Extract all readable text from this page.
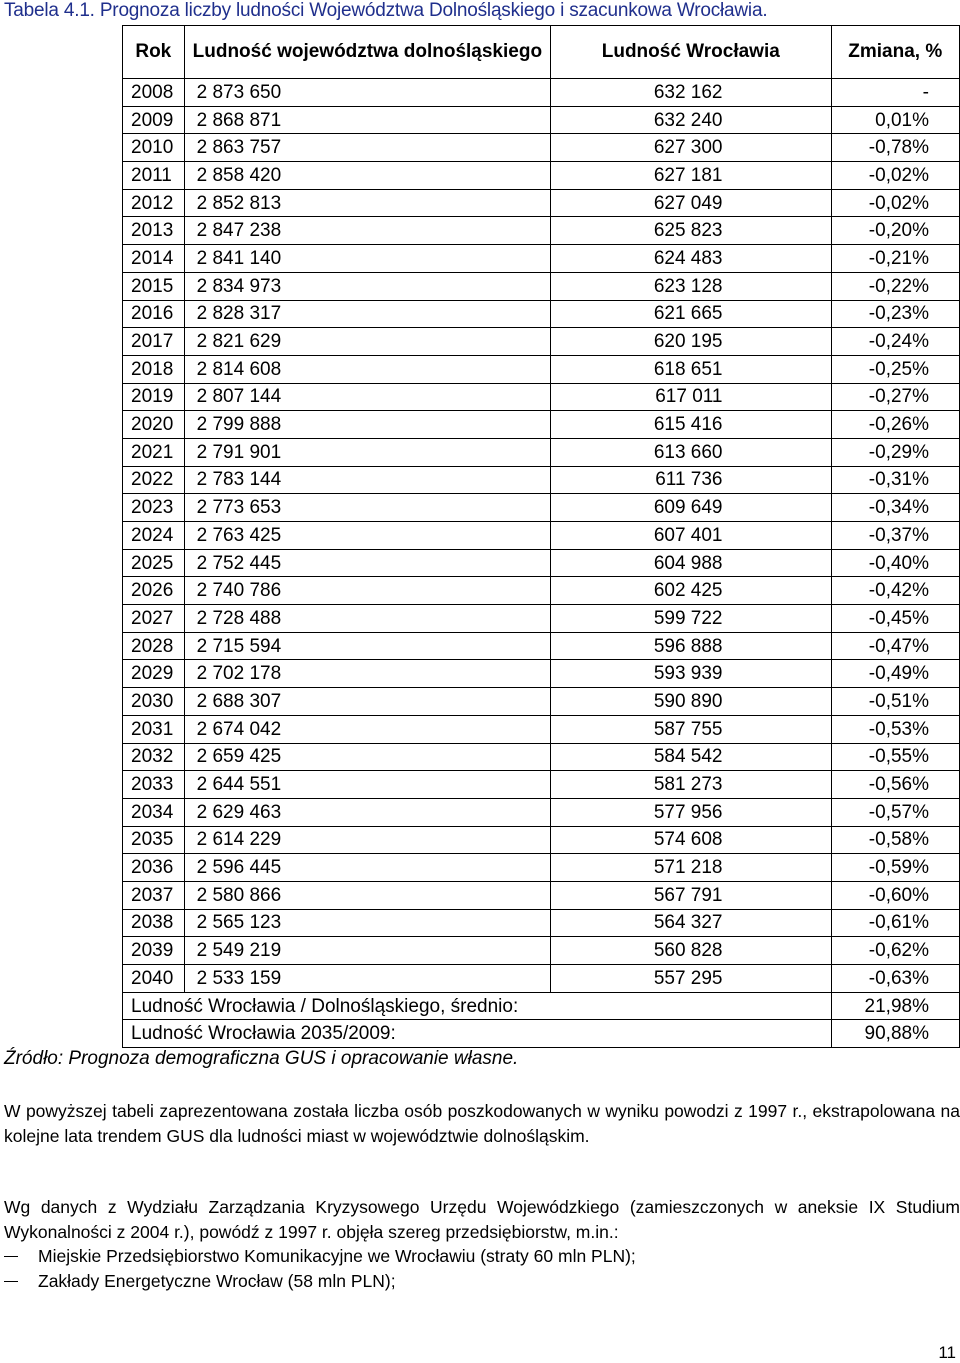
Tabela 4.1. Prognoza liczby ludności Województwa Dolnośląskiego i szacunkowa Wrocławia.
Rok	Ludność województwa dolnośląskiego	Ludność Wrocławia	Zmiana, %
2008	2 873 650	632 162	-
2009	2 868 871	632 240	0,01%
2010	2 863 757	627 300	-0,78%
2011	2 858 420	627 181	-0,02%
2012	2 852 813	627 049	-0,02%
2013	2 847 238	625 823	-0,20%
2014	2 841 140	624 483	-0,21%
2015	2 834 973	623 128	-0,22%
2016	2 828 317	621 665	-0,23%
2017	2 821 629	620 195	-0,24%
2018	2 814 608	618 651	-0,25%
2019	2 807 144	617 011	-0,27%
2020	2 799 888	615 416	-0,26%
2021	2 791 901	613 660	-0,29%
2022	2 783 144	611 736	-0,31%
2023	2 773 653	609 649	-0,34%
2024	2 763 425	607 401	-0,37%
2025	2 752 445	604 988	-0,40%
2026	2 740 786	602 425	-0,42%
2027	2 728 488	599 722	-0,45%
2028	2 715 594	596 888	-0,47%
2029	2 702 178	593 939	-0,49%
2030	2 688 307	590 890	-0,51%
2031	2 674 042	587 755	-0,53%
2032	2 659 425	584 542	-0,55%
2033	2 644 551	581 273	-0,56%
2034	2 629 463	577 956	-0,57%
2035	2 614 229	574 608	-0,58%
2036	2 596 445	571 218	-0,59%
2037	2 580 866	567 791	-0,60%
2038	2 565 123	564 327	-0,61%
2039	2 549 219	560 828	-0,62%
2040	2 533 159	557 295	-0,63%
Ludność Wrocławia / Dolnośląskiego, średnio:			21,98%
Ludność Wrocławia 2035/2009:			90,88%
Źródło: Prognoza demograficzna GUS i opracowanie własne.
W powyższej tabeli zaprezentowana została liczba osób poszkodowanych w wyniku powodzi z 1997 r., ekstrapolowana na kolejne lata trendem GUS dla ludności miast w województwie dolnośląskim.
Wg danych z Wydziału Zarządzania Kryzysowego Urzędu Wojewódzkiego (zamieszczonych w aneksie IX Studium Wykonalności z 2004 r.), powódź z 1997 r. objęła szereg przedsiębiorstw, m.in.:
Miejskie Przedsiębiorstwo Komunikacyjne we Wrocławiu (straty 60 mln PLN);
Zakłady Energetyczne Wrocław (58 mln PLN);
11
